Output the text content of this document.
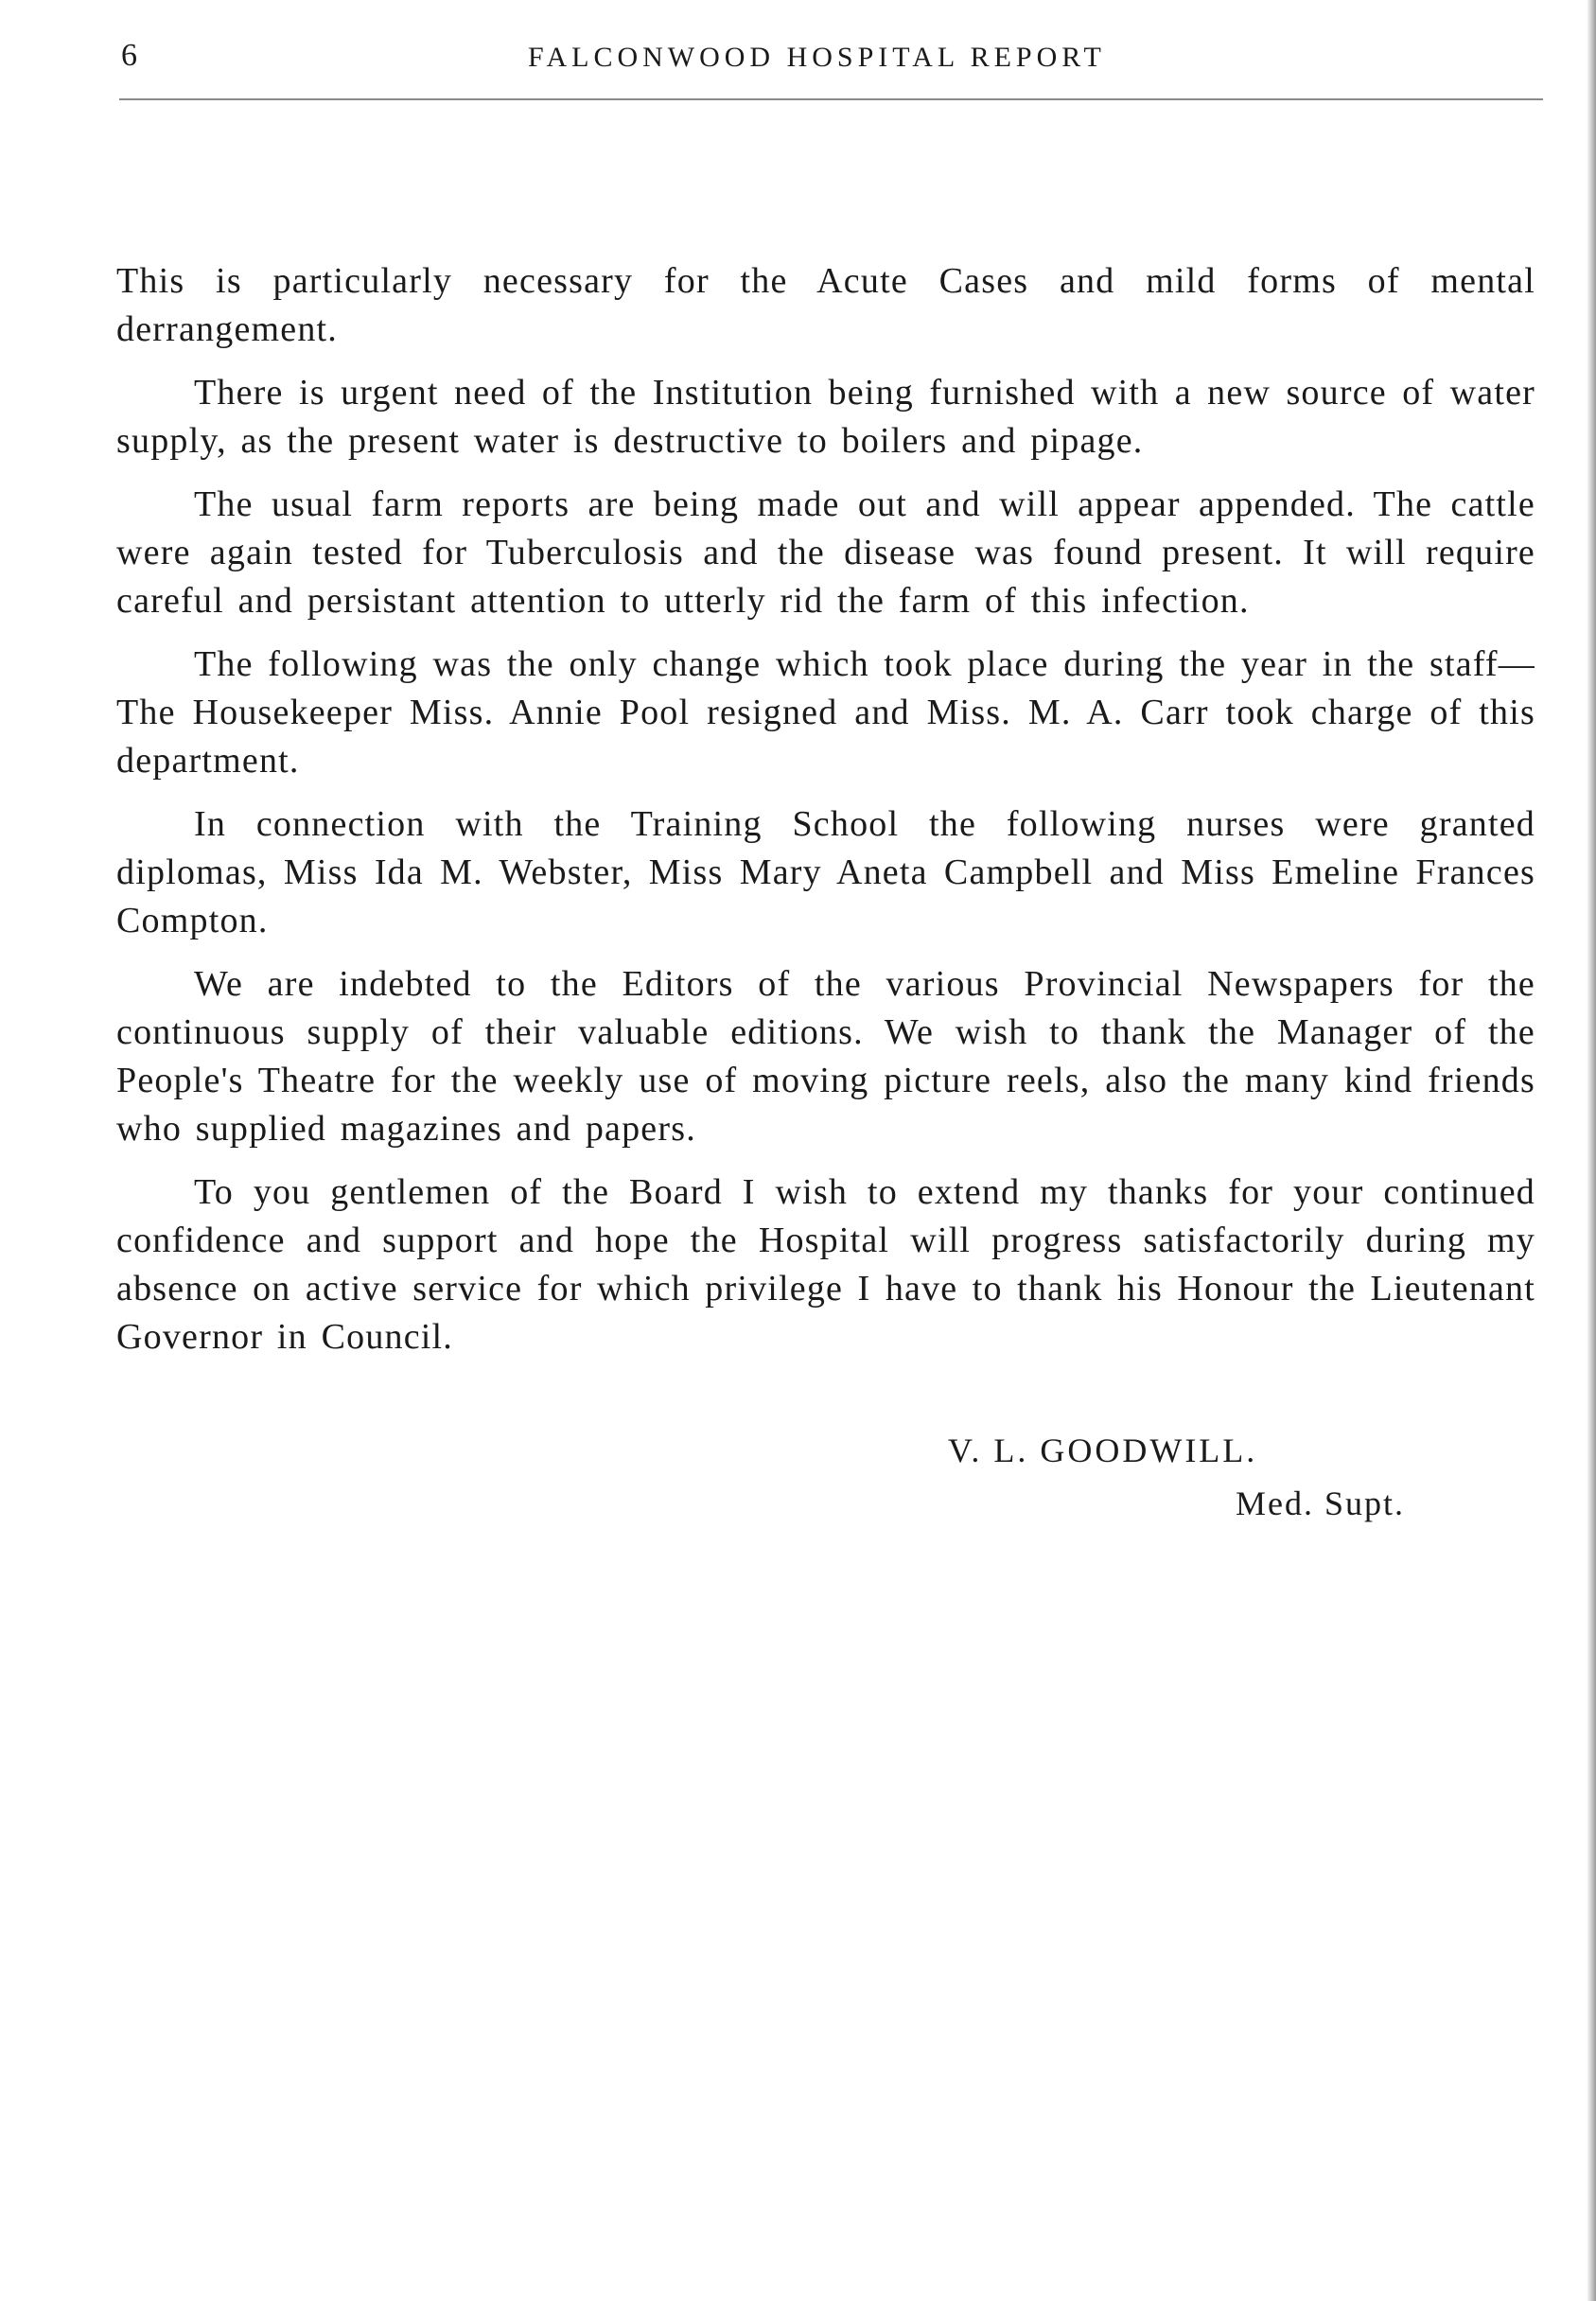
6	FALCONWOOD HOSPITAL REPORT

This is particularly necessary for the Acute Cases and mild forms of mental derrangement.

There is urgent need of the Institution being furnished with a new source of water supply, as the present water is destructive to boilers and pipage.

The usual farm reports are being made out and will appear appended. The cattle were again tested for Tuberculosis and the disease was found present. It will require careful and persistant attention to utterly rid the farm of this infection.

The following was the only change which took place during the year in the staff—The Housekeeper Miss. Annie Pool resigned and Miss. M. A. Carr took charge of this department.

In connection with the Training School the following nurses were granted diplomas, Miss Ida M. Webster, Miss Mary Aneta Campbell and Miss Emeline Frances Compton.

We are indebted to the Editors of the various Provincial Newspapers for the continuous supply of their valuable editions. We wish to thank the Manager of the People's Theatre for the weekly use of moving picture reels, also the many kind friends who supplied magazines and papers.

To you gentlemen of the Board I wish to extend my thanks for your continued confidence and support and hope the Hospital will progress satisfactorily during my absence on active service for which privilege I have to thank his Honour the Lieutenant Governor in Council.

V. L. GOODWILL.
Med. Supt.
